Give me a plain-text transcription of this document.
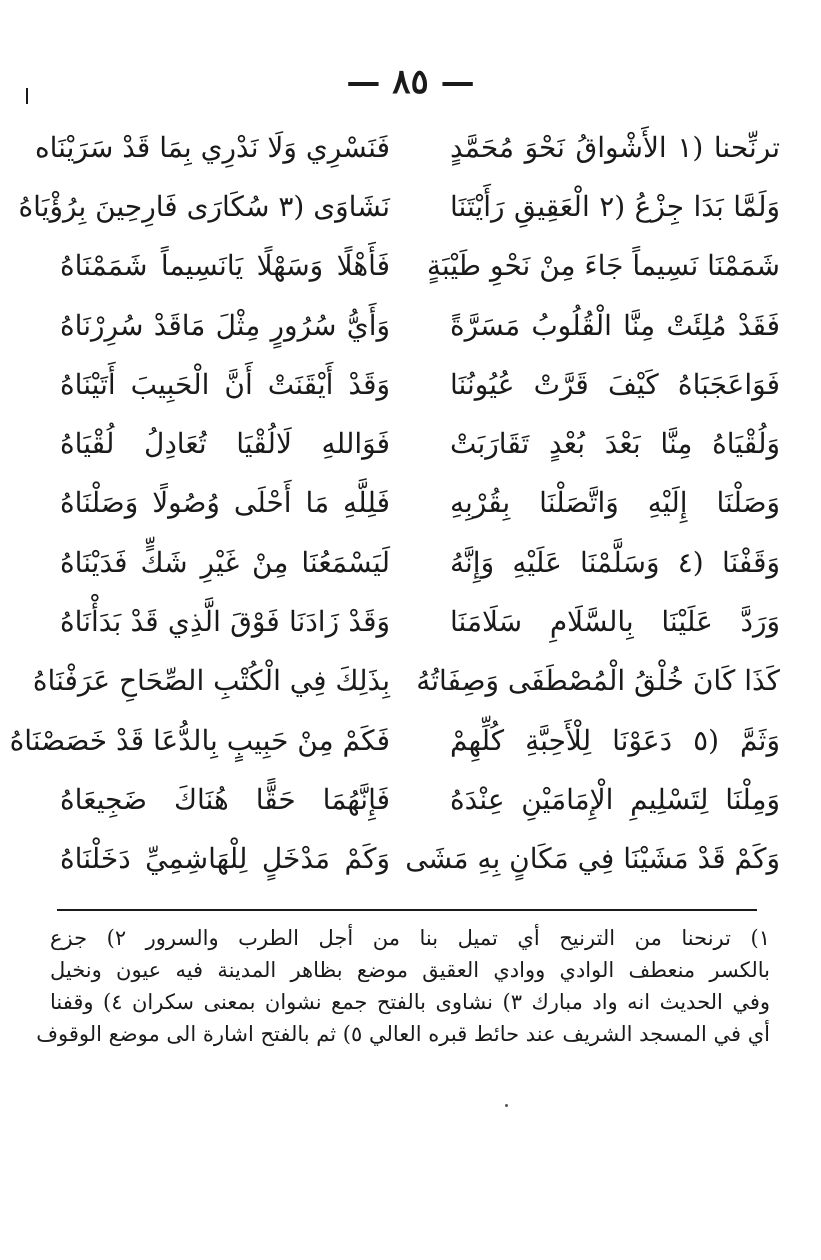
— ٨٥ —
ترنِّحنا (١ الأَشْواقُ نَحْوَ مُحَمَّدٍ
فَنَسْرِي وَلَا نَدْرِي بِمَا قَدْ سَرَيْنَاه
وَلَمَّا بَدَا جِزْعُ (٢ الْعَقِيقِ رَأَيْتَنَا
نَشَاوَى (٣ سُكَارَى فَارِحِينَ بِرُؤْيَاهُ
شَمَمْنَا نَسِيماً جَاءَ مِنْ نَحْوِ طَيْبَةٍ
فَأَهْلًا وَسَهْلًا يَانَسِيماً شَمَمْنَاهُ
فَقَدْ مُلِئَتْ مِنَّا الْقُلُوبُ مَسَرَّةً
وَأَيُّ سُرُورٍ مِثْلَ مَاقَدْ سُرِرْنَاهُ
فَوَاعَجَبَاهُ كَيْفَ قَرَّتْ عُيُونُنَا
وَقَدْ أَيْقَنَتْ أَنَّ الْحَبِيبَ أَتَيْنَاهُ
وَلُقْيَاهُ مِنَّا بَعْدَ بُعْدٍ تَقَارَبَتْ
فَوَاللهِ لَالُقْيَا تُعَادِلُ لُقْيَاهُ
وَصَلْنَا إِلَيْهِ وَاتَّصَلْنَا بِقُرْبِهِ
فَلِلَّهِ مَا أَحْلَى وُصُولًا وَصَلْنَاهُ
وَقَفْنَا (٤ وَسَلَّمْنَا عَلَيْهِ وَإِنَّهُ
لَيَسْمَعُنَا مِنْ غَيْرِ شَكٍّ فَدَيْنَاهُ
وَرَدَّ عَلَيْنَا بِالسَّلَامِ سَلَامَنَا
وَقَدْ زَادَنَا فَوْقَ الَّذِي قَدْ بَدَأْنَاهُ
كَذَا كَانَ خُلْقُ الْمُصْطَفَى وَصِفَاتُهُ
بِذَلِكَ فِي الْكُتْبِ الصِّحَاحِ عَرَفْنَاهُ
وَثَمَّ (٥ دَعَوْنَا لِلْأَحِبَّةِ كُلِّهِمْ
فَكَمْ مِنْ حَبِيبٍ بِالدُّعَا قَدْ خَصَصْنَاهُ
وَمِلْنَا لِتَسْلِيمِ الْإِمَامَيْنِ عِنْدَهُ
فَإِنَّهُمَا حَقًّا هُنَاكَ ضَجِيعَاهُ
وَكَمْ قَدْ مَشَيْنَا فِي مَكَانٍ بِهِ مَشَى
وَكَمْ مَدْخَلٍ لِلْهَاشِمِيِّ دَخَلْنَاهُ
١) ترنحنا من الترنيح أي تميل بنا من أجل الطرب والسرور ٢) جزع
بالكسر منعطف الوادي ووادي العقيق موضع بظاهر المدينة فيه عيون ونخيل
وفي الحديث انه واد مبارك ٣) نشاوى بالفتح جمع نشوان بمعنى سكران ٤) وقفنا
أي في المسجد الشريف عند حائط قبره العالي ٥) ثم بالفتح اشارة الى موضع الوقوف
